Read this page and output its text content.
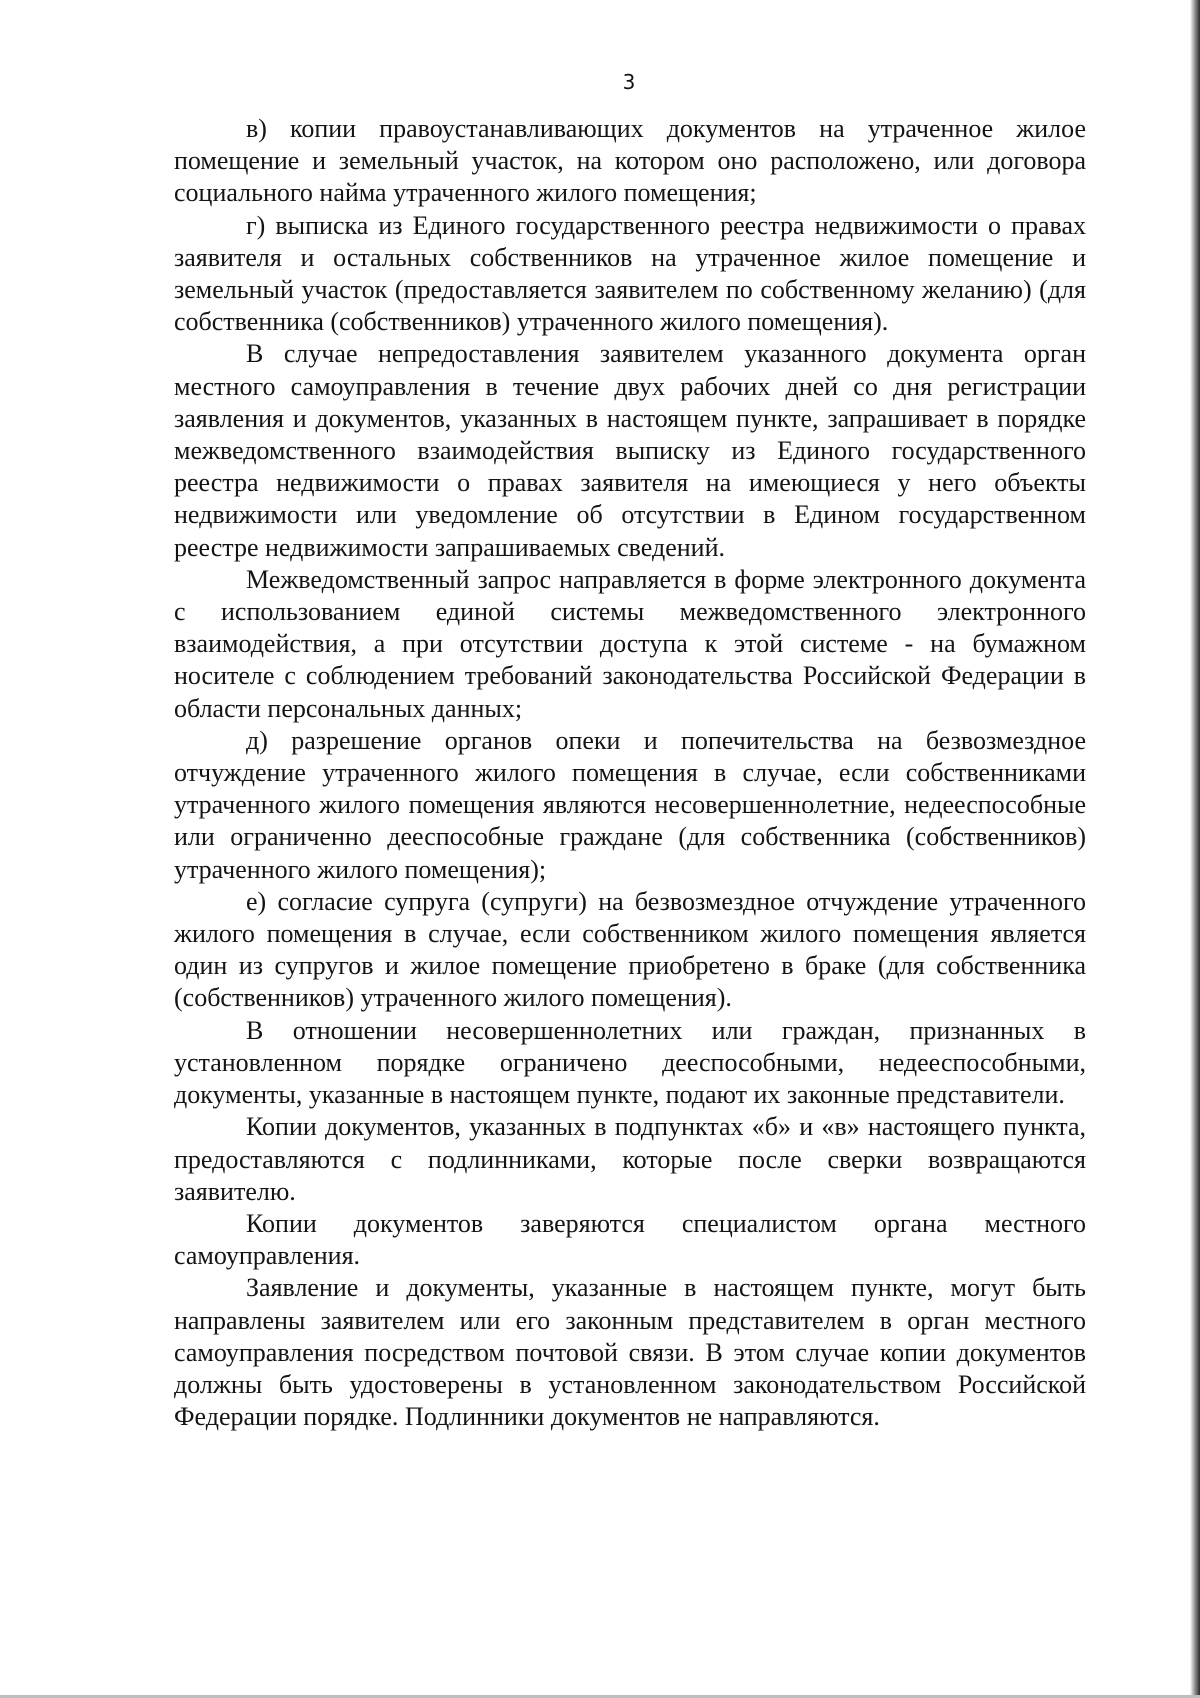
3

в) копии правоустанавливающих документов на утраченное жилое помещение и земельный участок, на котором оно расположено, или договора социального найма утраченного жилого помещения;

г) выписка из Единого государственного реестра недвижимости о правах заявителя и остальных собственников на утраченное жилое помещение и земельный участок (предоставляется заявителем по собственному желанию) (для собственника (собственников) утраченного жилого помещения).

В случае непредоставления заявителем указанного документа орган местного самоуправления в течение двух рабочих дней со дня регистрации заявления и документов, указанных в настоящем пункте, запрашивает в порядке межведомственного взаимодействия выписку из Единого государственного реестра недвижимости о правах заявителя на имеющиеся у него объекты недвижимости или уведомление об отсутствии в Едином государственном реестре недвижимости запрашиваемых сведений.

Межведомственный запрос направляется в форме электронного документа с использованием единой системы межведомственного электронного взаимодействия, а при отсутствии доступа к этой системе - на бумажном носителе с соблюдением требований законодательства Российской Федерации в области персональных данных;

д) разрешение органов опеки и попечительства на безвозмездное отчуждение утраченного жилого помещения в случае, если собственниками утраченного жилого помещения являются несовершеннолетние, недееспособные или ограниченно дееспособные граждане (для собственника (собственников) утраченного жилого помещения);

е) согласие супруга (супруги) на безвозмездное отчуждение утраченного жилого помещения в случае, если собственником жилого помещения является один из супругов и жилое помещение приобретено в браке (для собственника (собственников) утраченного жилого помещения).

В отношении несовершеннолетних или граждан, признанных в установленном порядке ограничено дееспособными, недееспособными, документы, указанные в настоящем пункте, подают их законные представители.

Копии документов, указанных в подпунктах «б» и «в» настоящего пункта, предоставляются с подлинниками, которые после сверки возвращаются заявителю.

Копии документов заверяются специалистом органа местного самоуправления.

Заявление и документы, указанные в настоящем пункте, могут быть направлены заявителем или его законным представителем в орган местного самоуправления посредством почтовой связи. В этом случае копии документов должны быть удостоверены в установленном законодательством Российской Федерации порядке. Подлинники документов не направляются.
